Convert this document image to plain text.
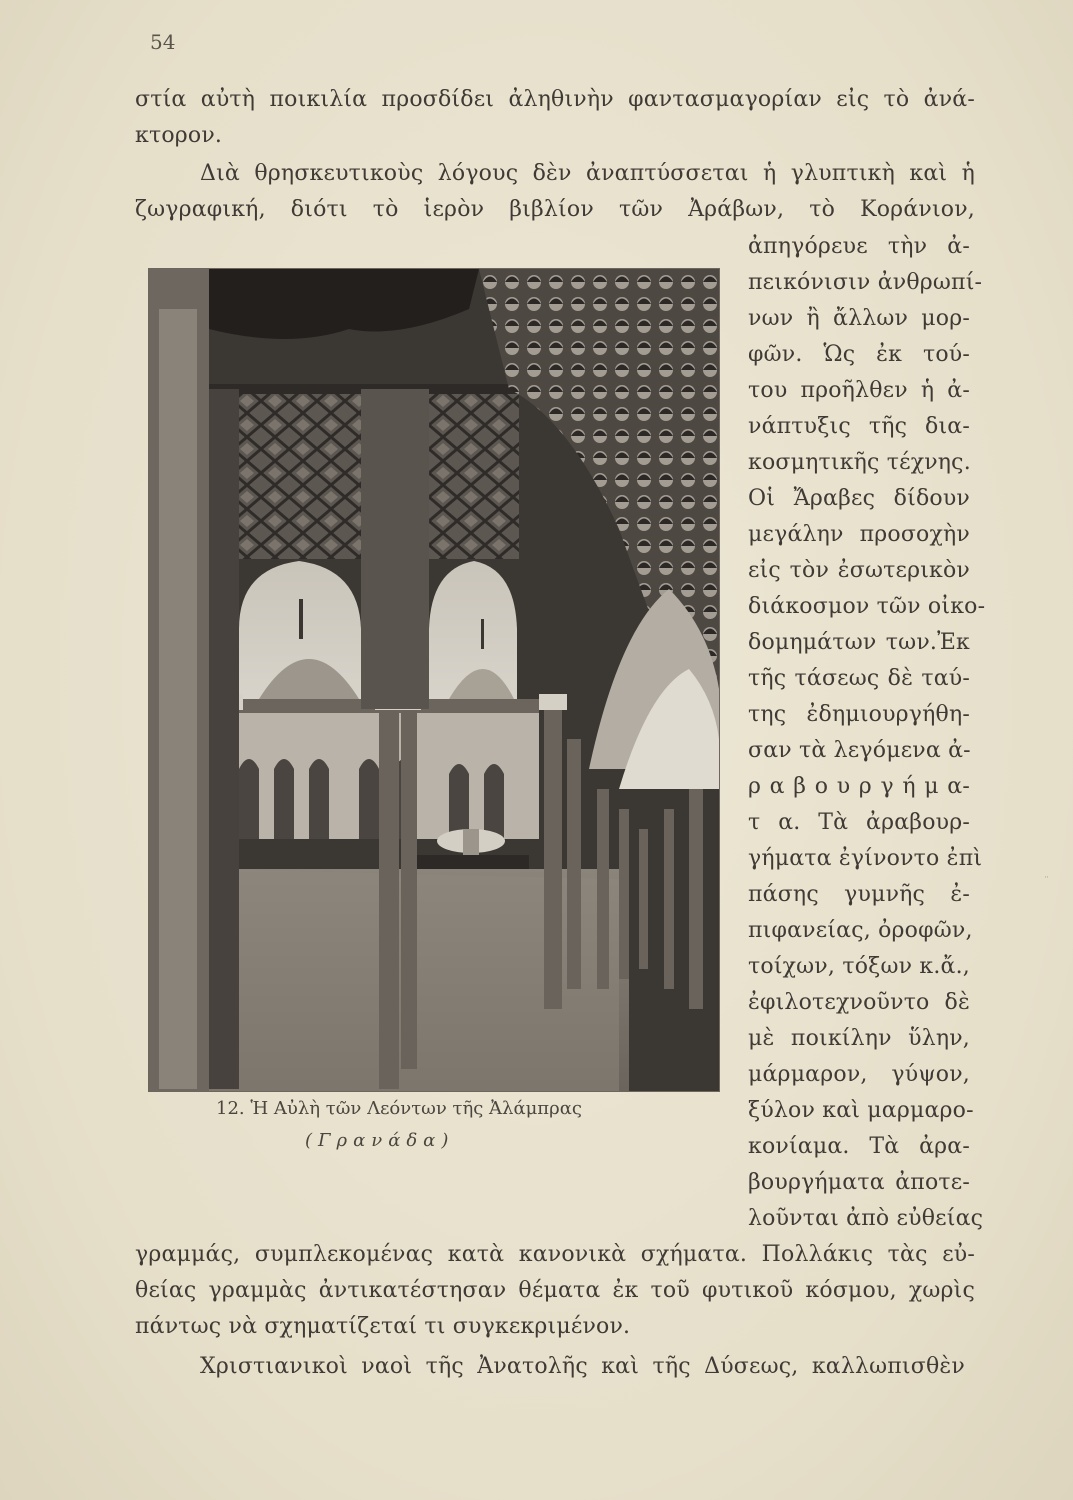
54
στία αὐτὴ ποικιλία προσδίδει ἀληθινὴν φαντασμαγορίαν εἰς τὸ ἀνά-
κτορον.
Διὰ θρησκευτικοὺς λόγους δὲν ἀναπτύσσεται ἡ γλυπτικὴ καὶ ἡ
ζωγραφική, διότι τὸ ἱερὸν βιβλίον τῶν Ἀράβων, τὸ Κοράνιον,
ἀπηγόρευε τὴν ἀ-
πεικόνισιν ἀνθρωπί-
νων ἢ ἄλλων μορ-
φῶν. Ὡς ἐκ τού-
του προῆλθεν ἡ ἀ-
νάπτυξις τῆς δια-
κοσμητικῆς τέχνης.
Οἱ Ἄραβες δίδουν
μεγάλην προσοχὴν
εἰς τὸν ἐσωτερικὸν
διάκοσμον τῶν οἰκο-
δομημάτων των.Ἐκ
τῆς τάσεως δὲ ταύ-
της ἐδημιουργήθη-
σαν τὰ λεγόμενα ἀ-
ρ α β ο υ ρ γ ή μ α-
τ α. Τὰ ἀραβουρ-
γήματα ἐγίνοντο ἐπὶ
πάσης γυμνῆς ἐ-
πιφανείας, ὀροφῶν,
τοίχων, τόξων κ.ἄ.,
ἐφιλοτεχνοῦντο δὲ
μὲ ποικίλην ὕλην,
μάρμαρον, γύψον,
ξύλον καὶ μαρμαρο-
κονίαμα. Τὰ ἀρα-
βουργήματα ἀποτε-
λοῦνται ἀπὸ εὐθείας
12. Ἡ Αὐλὴ τῶν Λεόντων τῆς Ἀλάμπρας
(Γρανάδα)
γραμμάς, συμπλεκομένας κατὰ κανονικὰ σχήματα. Πολλάκις τὰς εὐ-
θείας γραμμὰς ἀντικατέστησαν θέματα ἐκ τοῦ φυτικοῦ κόσμου, χωρὶς
πάντως νὰ σχηματίζεταί τι συγκεκριμένον.
Χριστιανικοὶ ναοὶ τῆς Ἀνατολῆς καὶ τῆς Δύσεως, καλλωπισθὲν
¨
